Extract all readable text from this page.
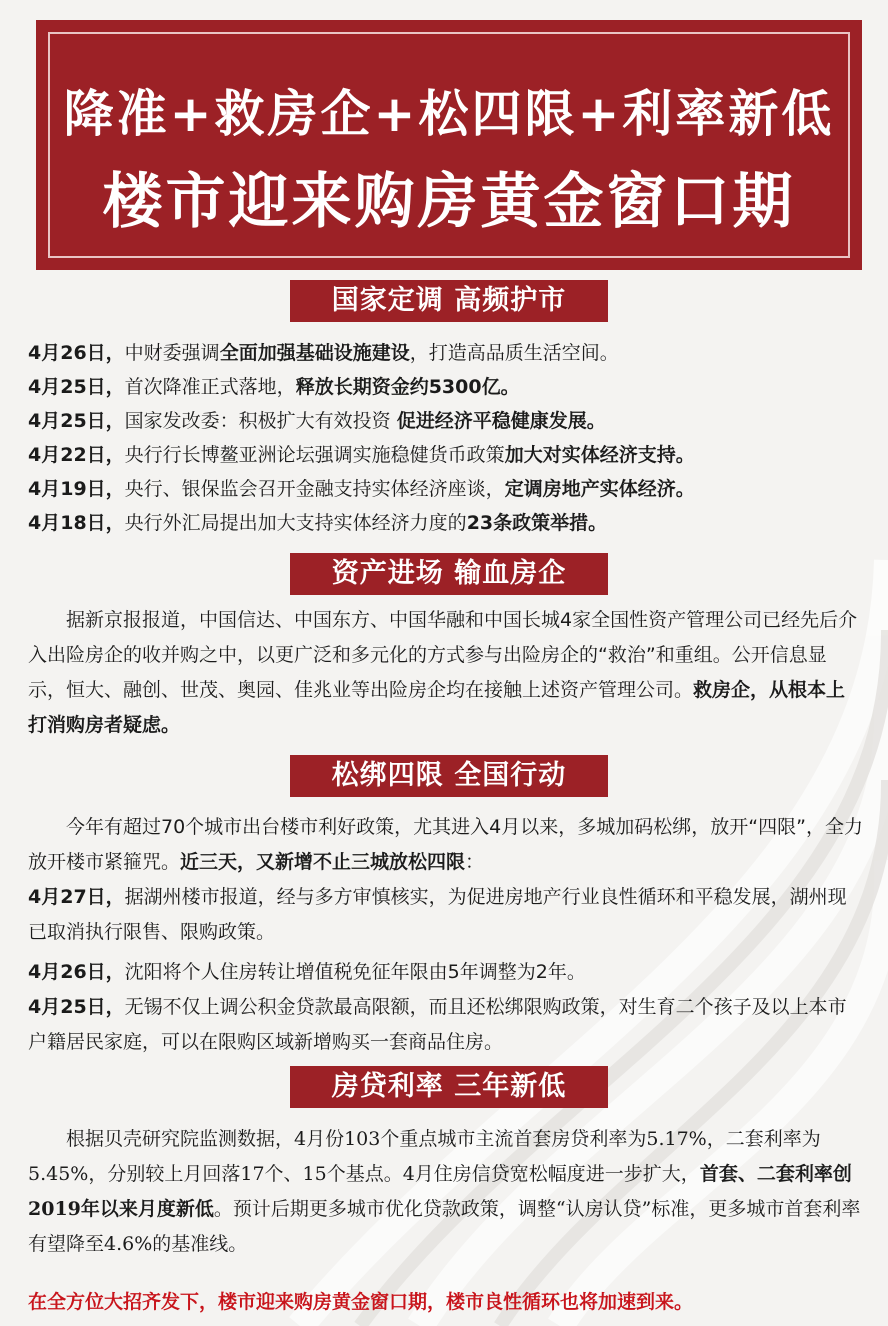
降准+救房企+松四限+利率新低
楼市迎来购房黄金窗口期
国家定调 高频护市
4月26日，中财委强调全面加强基础设施建设，打造高品质生活空间。
4月25日，首次降准正式落地，释放长期资金约5300亿。
4月25日，国家发改委：积极扩大有效投资 促进经济平稳健康发展。
4月22日，央行行长博鳌亚洲论坛强调实施稳健货币政策加大对实体经济支持。
4月19日，央行、银保监会召开金融支持实体经济座谈，定调房地产实体经济。
4月18日，央行外汇局提出加大支持实体经济力度的23条政策举措。
资产进场 输血房企
据新京报报道，中国信达、中国东方、中国华融和中国长城4家全国性资产管理公司已经先后介入出险房企的收并购之中，以更广泛和多元化的方式参与出险房企的“救治”和重组。公开信息显示，恒大、融创、世茂、奥园、佳兆业等出险房企均在接触上述资产管理公司。救房企，从根本上打消购房者疑虑。
松绑四限 全国行动
今年有超过70个城市出台楼市利好政策，尤其进入4月以来，多城加码松绑，放开“四限”，全力放开楼市紧箍咒。近三天，又新增不止三城放松四限：
4月27日，据湖州楼市报道，经与多方审慎核实，为促进房地产行业良性循环和平稳发展，湖州现已取消执行限售、限购政策。
4月26日，沈阳将个人住房转让增值税免征年限由5年调整为2年。
4月25日，无锡不仅上调公积金贷款最高限额，而且还松绑限购政策，对生育二个孩子及以上本市户籍居民家庭，可以在限购区域新增购买一套商品住房。
房贷利率 三年新低
根据贝壳研究院监测数据，4月份103个重点城市主流首套房贷利率为5.17%，二套利率为5.45%，分别较上月回落17个、15个基点。4月住房信贷宽松幅度进一步扩大，首套、二套利率创2019年以来月度新低。预计后期更多城市优化贷款政策，调整“认房认贷”标准，更多城市首套利率有望降至4.6%的基准线。
在全方位大招齐发下，楼市迎来购房黄金窗口期，楼市良性循环也将加速到来。
